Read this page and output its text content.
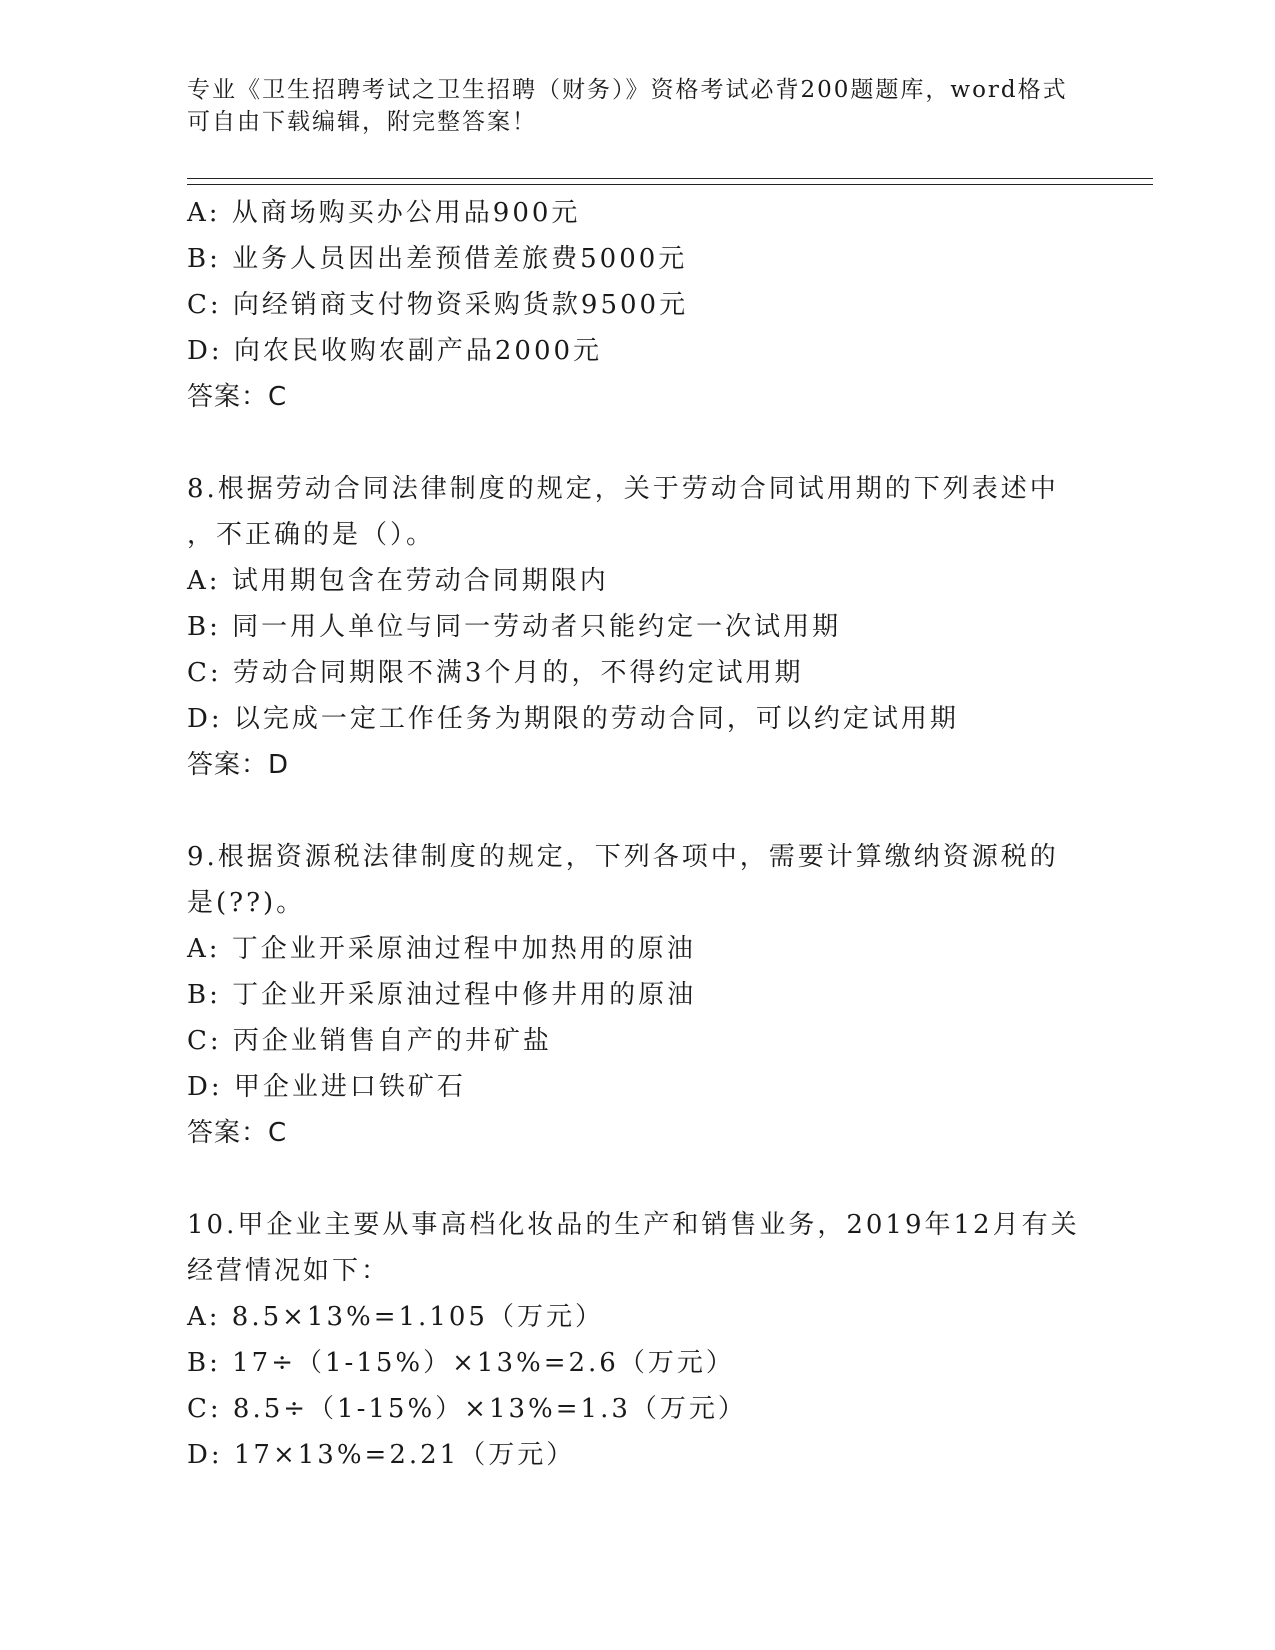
专业《卫生招聘考试之卫生招聘（财务）》资格考试必背200题题库，word格式
可自由下载编辑，附完整答案！
A: 从商场购买办公用品900元
B: 业务人员因出差预借差旅费5000元
C: 向经销商支付物资采购货款9500元
D: 向农民收购农副产品2000元
答案：C
8.根据劳动合同法律制度的规定，关于劳动合同试用期的下列表述中
，不正确的是（）。
A: 试用期包含在劳动合同期限内
B: 同一用人单位与同一劳动者只能约定一次试用期
C: 劳动合同期限不满3个月的，不得约定试用期
D: 以完成一定工作任务为期限的劳动合同，可以约定试用期
答案：D
9.根据资源税法律制度的规定，下列各项中，需要计算缴纳资源税的
是(??)。
A: 丁企业开采原油过程中加热用的原油
B: 丁企业开采原油过程中修井用的原油
C: 丙企业销售自产的井矿盐
D: 甲企业进口铁矿石
答案：C
10.甲企业主要从事高档化妆品的生产和销售业务，2019年12月有关
经营情况如下：
A: 8.5×13%=1.105（万元）
B: 17÷（1-15%）×13%=2.6（万元）
C: 8.5÷（1-15%）×13%=1.3（万元）
D: 17×13%=2.21（万元）
